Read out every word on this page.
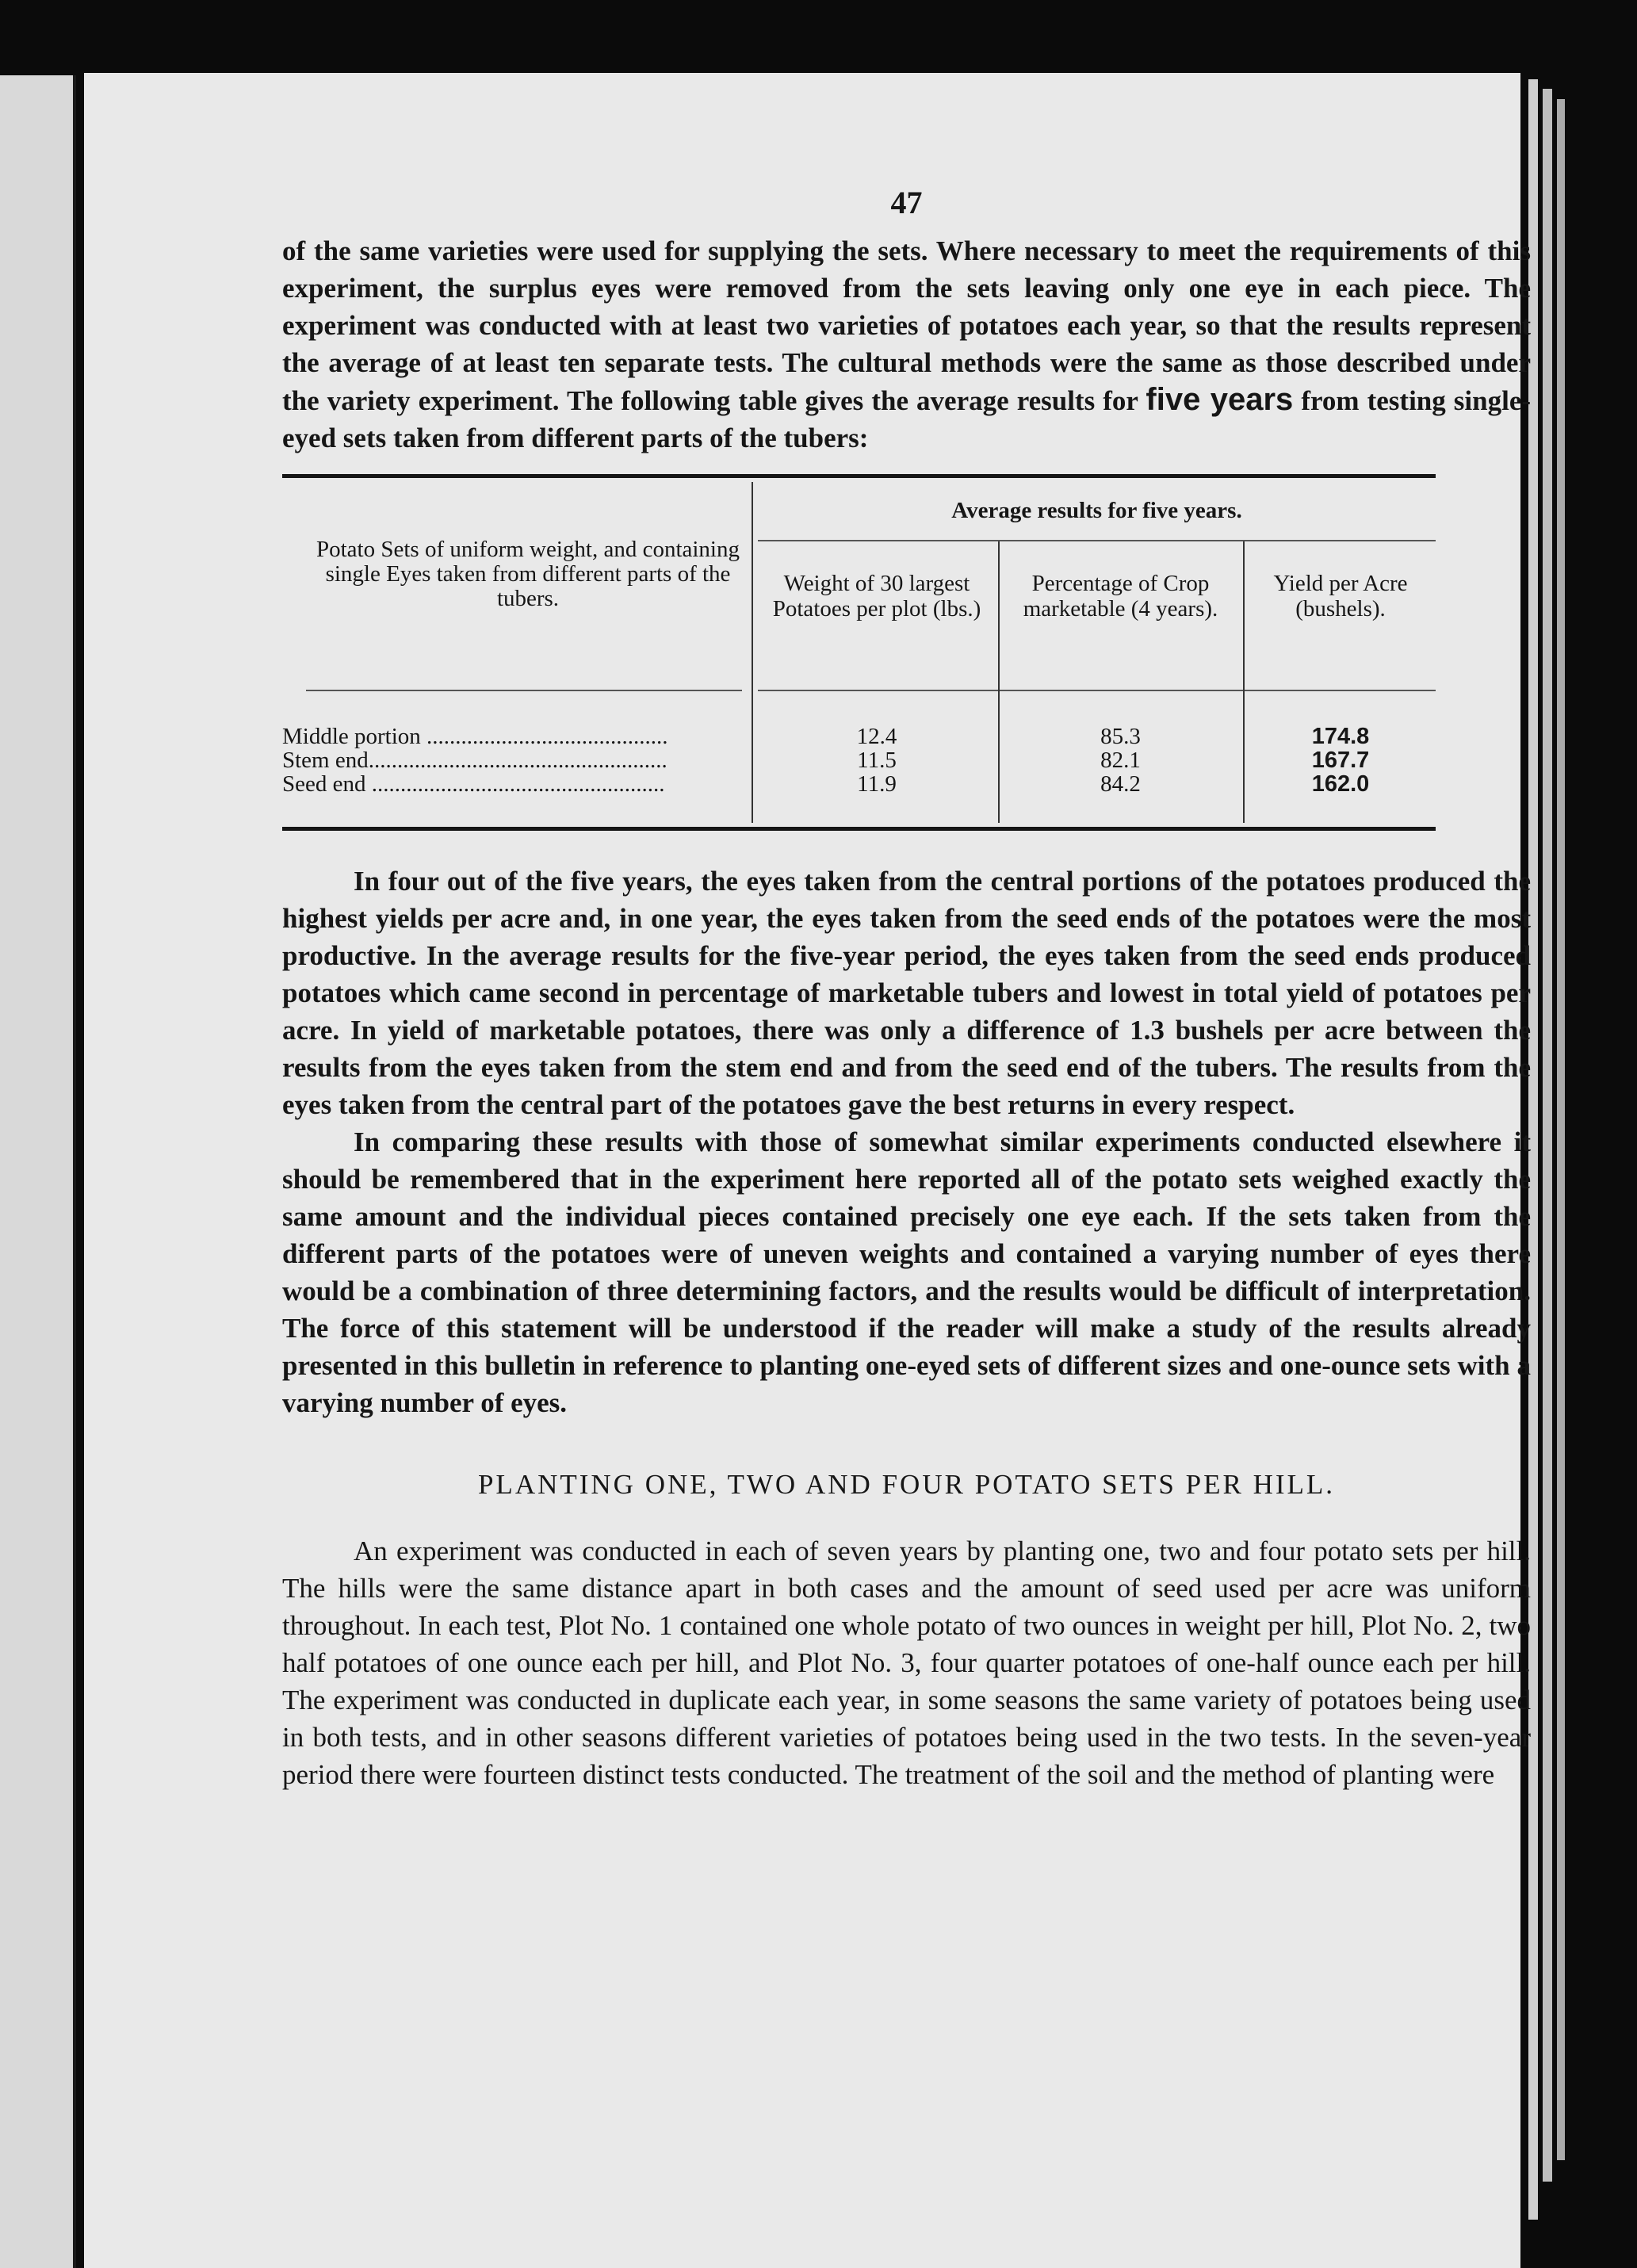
47

of the same varieties were used for supplying the sets. Where necessary to meet the requirements of this experiment, the surplus eyes were removed from the sets leaving only one eye in each piece. The experiment was conducted with at least two varieties of potatoes each year, so that the results represent the average of at least ten separate tests. The cultural methods were the same as those described under the variety experiment. The following table gives the average results for five years from testing single-eyed sets taken from different parts of the tubers:

Potato Sets of uniform weight, and containing single Eyes taken from different parts of the tubers.
Average results for five years.
Weight of 30 largest Potatoes per plot (lbs.)
Percentage of Crop marketable (4 years).
Yield per Acre (bushels).
Middle portion ..........................................	12.4	85.3	174.8
Stem end....................................................	11.5	82.1	167.7
Seed end ...................................................	11.9	84.2	162.0

In four out of the five years, the eyes taken from the central portions of the potatoes produced the highest yields per acre and, in one year, the eyes taken from the seed ends of the potatoes were the most productive. In the average results for the five-year period, the eyes taken from the seed ends produced potatoes which came second in percentage of marketable tubers and lowest in total yield of potatoes per acre. In yield of marketable potatoes, there was only a difference of 1.3 bushels per acre between the results from the eyes taken from the stem end and from the seed end of the tubers. The results from the eyes taken from the central part of the potatoes gave the best returns in every respect.

In comparing these results with those of somewhat similar experiments conducted elsewhere it should be remembered that in the experiment here reported all of the potato sets weighed exactly the same amount and the individual pieces contained precisely one eye each. If the sets taken from the different parts of the potatoes were of uneven weights and contained a varying number of eyes there would be a combination of three determining factors, and the results would be difficult of interpretation. The force of this statement will be understood if the reader will make a study of the results already presented in this bulletin in reference to planting one-eyed sets of different sizes and one-ounce sets with a varying number of eyes.

PLANTING ONE, TWO AND FOUR POTATO SETS PER HILL.

An experiment was conducted in each of seven years by planting one, two and four potato sets per hill. The hills were the same distance apart in both cases and the amount of seed used per acre was uniform throughout. In each test, Plot No. 1 contained one whole potato of two ounces in weight per hill, Plot No. 2, two half potatoes of one ounce each per hill, and Plot No. 3, four quarter potatoes of one-half ounce each per hill. The experiment was conducted in duplicate each year, in some seasons the same variety of potatoes being used in both tests, and in other seasons different varieties of potatoes being used in the two tests. In the seven-year period there were fourteen distinct tests conducted. The treatment of the soil and the method of planting were
